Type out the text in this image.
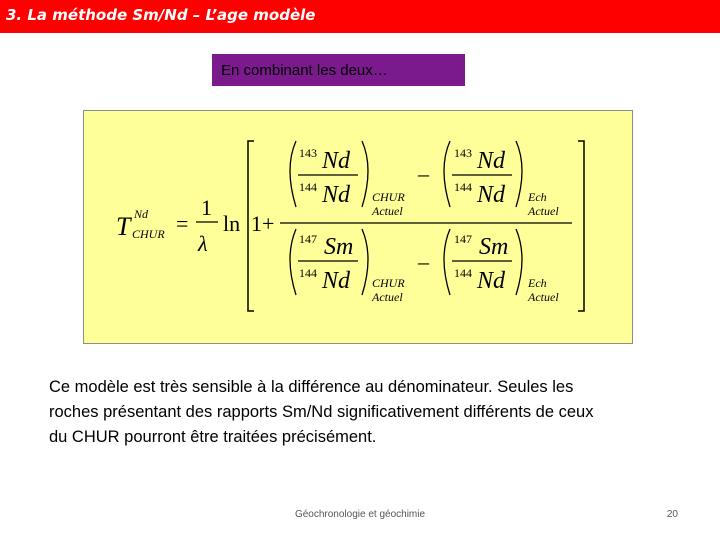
3. La méthode Sm/Nd – L’age modèle
En combinant les deux…
T Nd
CHUR =
1
λ
ln 1+
143 Nd
144 Nd CHUR
Actuel
–
143 Nd
144 Nd Ech
Actuel
147 Sm
144 Nd CHUR
Actuel
–
147 Sm
144 Nd Ech
Actuel
Ce modèle est très sensible à la différence au dénominateur. Seules les
roches présentant des rapports Sm/Nd significativement différents de ceux
du CHUR pourront être traitées précisément.
Géochronologie et géochimie	20
